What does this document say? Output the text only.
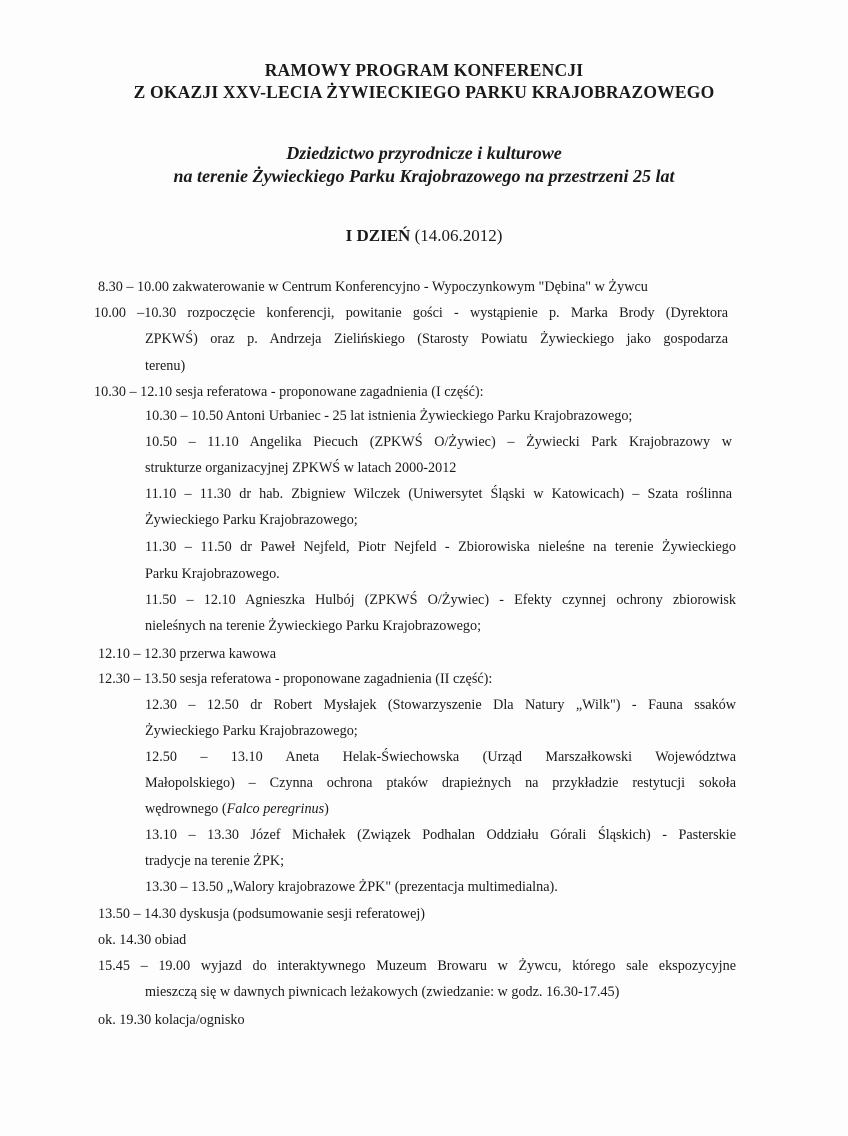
RAMOWY PROGRAM KONFERENCJI
Z OKAZJI XXV-LECIA ŻYWIECKIEGO PARKU KRAJOBRAZOWEGO
Dziedzictwo przyrodnicze i kulturowe
na terenie Żywieckiego Parku Krajobrazowego na przestrzeni 25 lat
I DZIEŃ (14.06.2012)
8.30 – 10.00 zakwaterowanie w Centrum Konferencyjno - Wypoczynkowym "Dębina" w Żywcu
10.00 –10.30 rozpoczęcie konferencji, powitanie gości - wystąpienie p. Marka Brody (Dyrektora
ZPKWŚ) oraz p. Andrzeja Zielińskiego (Starosty Powiatu Żywieckiego jako gospodarza
terenu)
10.30 – 12.10 sesja referatowa - proponowane zagadnienia (I część):
10.30 – 10.50 Antoni Urbaniec - 25 lat istnienia Żywieckiego Parku Krajobrazowego;
10.50 – 11.10 Angelika Piecuch (ZPKWŚ O/Żywiec) – Żywiecki Park Krajobrazowy w
strukturze organizacyjnej ZPKWŚ w latach 2000-2012
11.10 – 11.30 dr hab. Zbigniew Wilczek (Uniwersytet Śląski w Katowicach) – Szata roślinna
Żywieckiego Parku Krajobrazowego;
11.30 – 11.50 dr Paweł Nejfeld, Piotr Nejfeld - Zbiorowiska nieleśne na terenie Żywieckiego
Parku Krajobrazowego.
11.50 – 12.10 Agnieszka Hulbój (ZPKWŚ O/Żywiec) - Efekty czynnej ochrony zbiorowisk
nieleśnych na terenie Żywieckiego Parku Krajobrazowego;
12.10 – 12.30 przerwa kawowa
12.30 – 13.50 sesja referatowa - proponowane zagadnienia (II część):
12.30 – 12.50 dr Robert Mysłajek (Stowarzyszenie Dla Natury „Wilk") - Fauna ssaków
Żywieckiego Parku Krajobrazowego;
12.50 – 13.10 Aneta Helak-Świechowska (Urząd Marszałkowski Województwa
Małopolskiego) – Czynna ochrona ptaków drapieżnych na przykładzie restytucji sokoła
wędrownego (Falco peregrinus)
13.10 – 13.30 Józef Michałek (Związek Podhalan Oddziału Górali Śląskich) - Pasterskie
tradycje na terenie ŻPK;
13.30 – 13.50 „Walory krajobrazowe ŻPK" (prezentacja multimedialna).
13.50 – 14.30 dyskusja (podsumowanie sesji referatowej)
ok. 14.30 obiad
15.45 – 19.00 wyjazd do interaktywnego Muzeum Browaru w Żywcu, którego sale ekspozycyjne
mieszczą się w dawnych piwnicach leżakowych (zwiedzanie: w godz. 16.30-17.45)
ok. 19.30 kolacja/ognisko
